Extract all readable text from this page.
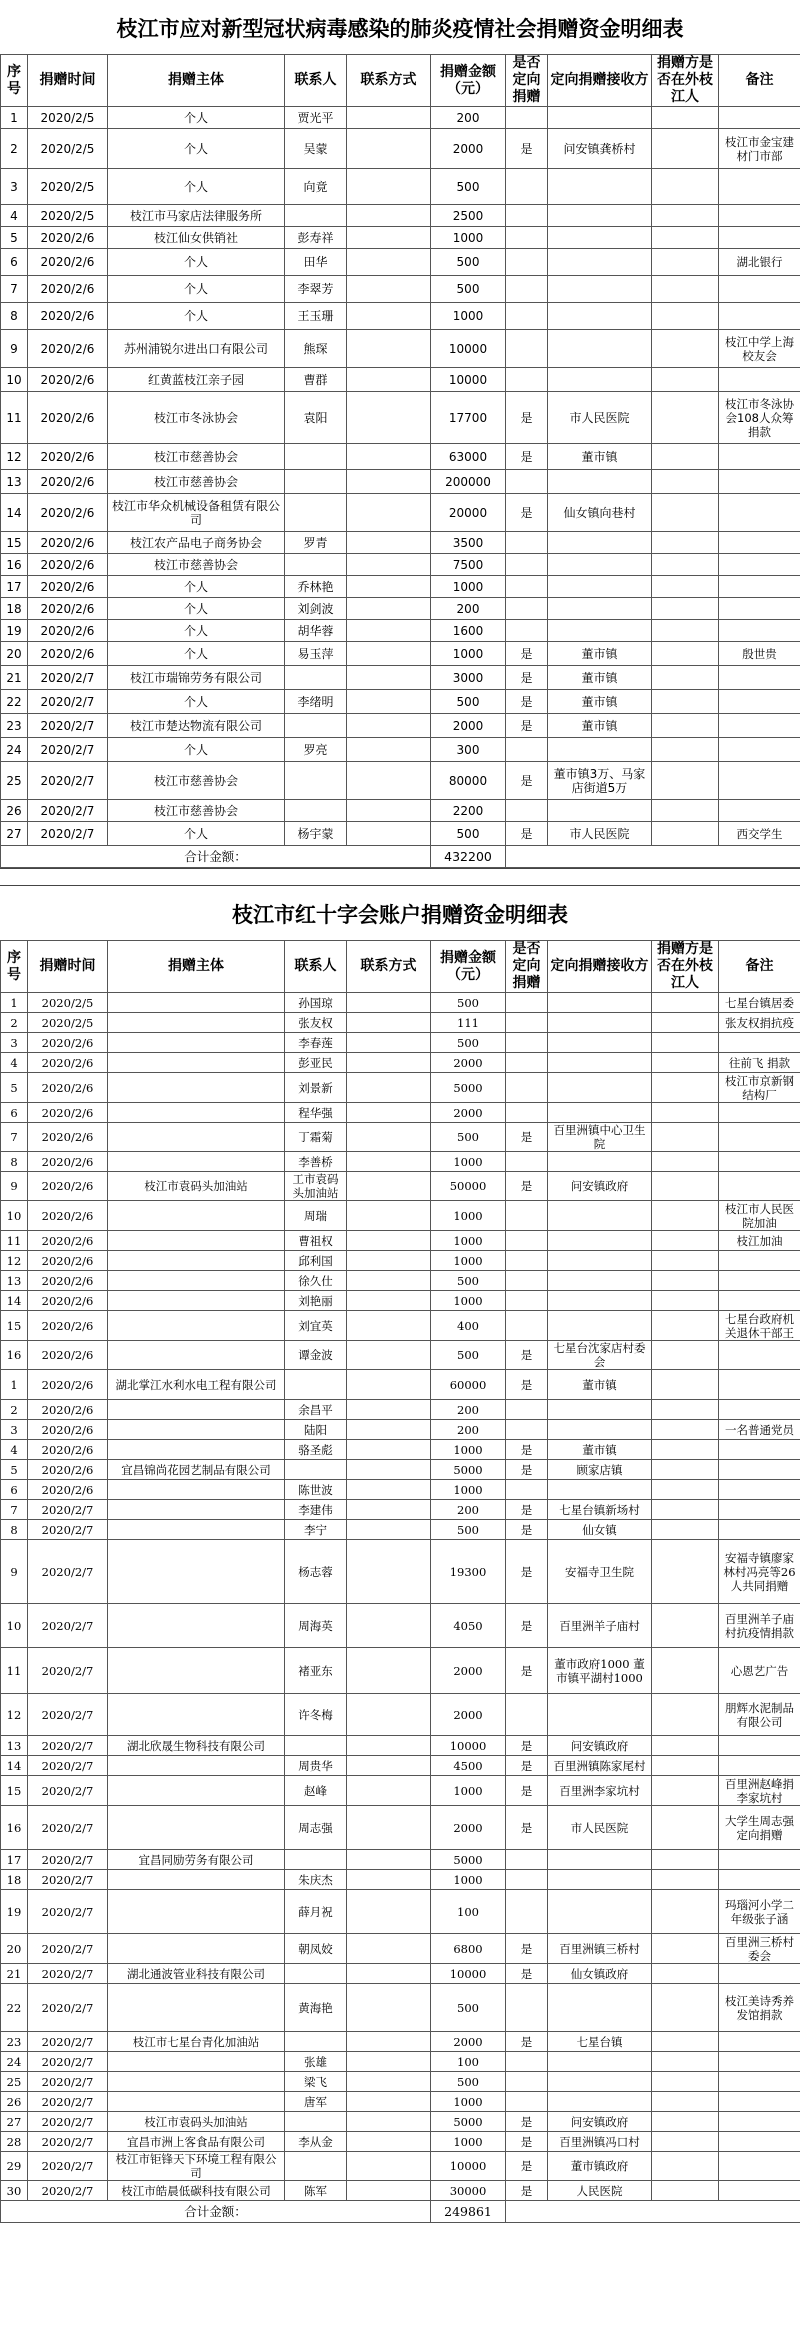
枝江市应对新型冠状病毒感染的肺炎疫情社会捐赠资金明细表
序号	捐赠时间	捐赠主体	联系人	联系方式	捐赠金额（元）	是否定向捐赠	定向捐赠接收方	捐赠方是否在外枝江人	备注
1	2020/2/5	个人	贾光平		200				
2	2020/2/5	个人	吴蒙		2000	是	问安镇龚桥村		枝江市金宝建材门市部
3	2020/2/5	个人	向竟		500				
4	2020/2/5	枝江市马家店法律服务所			2500				
5	2020/2/6	枝江仙女供销社	彭寿祥		1000				
6	2020/2/6	个人	田华		500				湖北银行
7	2020/2/6	个人	李翠芳		500				
8	2020/2/6	个人	王玉珊		1000				
9	2020/2/6	苏州浦锐尔进出口有限公司	熊琛		10000				枝江中学上海校友会
10	2020/2/6	红黄蓝枝江亲子园	曹群		10000				
11	2020/2/6	枝江市冬泳协会	袁阳		17700	是	市人民医院		枝江市冬泳协会108人众筹捐款
12	2020/2/6	枝江市慈善协会			63000	是	董市镇		
13	2020/2/6	枝江市慈善协会			200000				
14	2020/2/6	枝江市华众机械设备租赁有限公司			20000	是	仙女镇向巷村		
15	2020/2/6	枝江农产品电子商务协会	罗青		3500				
16	2020/2/6	枝江市慈善协会			7500				
17	2020/2/6	个人	乔林艳		1000				
18	2020/2/6	个人	刘剑波		200				
19	2020/2/6	个人	胡华蓉		1600				
20	2020/2/6	个人	易玉萍		1000	是	董市镇		殷世贵
21	2020/2/7	枝江市瑞锦劳务有限公司			3000	是	董市镇		
22	2020/2/7	个人	李绪明		500	是	董市镇		
23	2020/2/7	枝江市楚达物流有限公司			2000	是	董市镇		
24	2020/2/7	个人	罗亮		300				
25	2020/2/7	枝江市慈善协会			80000	是	董市镇3万、马家店街道5万		
26	2020/2/7	枝江市慈善协会			2200				
27	2020/2/7	个人	杨宇蒙		500	是	市人民医院		西交学生
合计金额：					432200				
枝江市红十字会账户捐赠资金明细表
序号	捐赠时间	捐赠主体	联系人	联系方式	捐赠金额（元）	是否定向捐赠	定向捐赠接收方	捐赠方是否在外枝江人	备注
1	2020/2/5		孙国琼		500				七星台镇居委
2	2020/2/5		张友权		111				张友权捐抗疫
3	2020/2/6		李春莲		500				
4	2020/2/6		彭亚民		2000				往前飞 捐款
5	2020/2/6		刘景新		5000				枝江市京新钢结构厂
6	2020/2/6		程华强		2000				
7	2020/2/6		丁霜菊		500	是	百里洲镇中心卫生院		
8	2020/2/6		李善桥		1000				
9	2020/2/6	枝江市袁码头加油站	工市袁码头加油站		50000	是	问安镇政府		
10	2020/2/6		周瑞		1000				枝江市人民医院加油
11	2020/2/6		曹祖权		1000				枝江加油
12	2020/2/6		邱利国		1000				
13	2020/2/6		徐久仕		500				
14	2020/2/6		刘艳丽		1000				
15	2020/2/6		刘宜英		400				七星台政府机关退休干部王
16	2020/2/6		谭金波		500	是	七星台沈家店村委会		
1	2020/2/6	湖北掌江水利水电工程有限公司			60000	是	董市镇		
2	2020/2/6		余昌平		200				
3	2020/2/6		陆阳		200				一名普通党员
4	2020/2/6		骆圣彪		1000	是	董市镇		
5	2020/2/6	宜昌锦尚花园艺制品有限公司			5000	是	顾家店镇		
6	2020/2/6		陈世波		1000				
7	2020/2/7		李建伟		200	是	七星台镇新场村		
8	2020/2/7		李宁		500	是	仙女镇		
9	2020/2/7		杨志蓉		19300	是	安福寺卫生院		安福寺镇廖家林村冯亮等26人共同捐赠
10	2020/2/7		周海英		4050	是	百里洲羊子庙村		百里洲羊子庙村抗疫情捐款
11	2020/2/7		褚亚东		2000	是	董市政府1000 董市镇平湖村1000		心恩艺广告
12	2020/2/7		许冬梅		2000				朋辉水泥制品有限公司
13	2020/2/7	湖北欣晟生物科技有限公司			10000	是	问安镇政府		
14	2020/2/7		周贵华		4500	是	百里洲镇陈家尾村		
15	2020/2/7		赵峰		1000	是	百里洲李家坑村		百里洲赵峰捐李家坑村
16	2020/2/7		周志强		2000	是	市人民医院		大学生周志强定向捐赠
17	2020/2/7	宜昌同励劳务有限公司			5000				
18	2020/2/7		朱庆杰		1000				
19	2020/2/7		薛月祝		100				玛瑙河小学二年级张子涵
20	2020/2/7		朝凤姣		6800	是	百里洲镇三桥村		百里洲三桥村委会
21	2020/2/7	湖北通波管业科技有限公司			10000	是	仙女镇政府		
22	2020/2/7		黄海艳		500				枝江美诗秀养发馆捐款
23	2020/2/7	枝江市七星台青化加油站			2000	是	七星台镇		
24	2020/2/7		张雄		100				
25	2020/2/7		梁飞		500				
26	2020/2/7		唐军		1000				
27	2020/2/7	枝江市袁码头加油站			5000	是	问安镇政府		
28	2020/2/7	宜昌市洲上客食品有限公司	李从金		1000	是	百里洲镇冯口村		
29	2020/2/7	枝江市钜锋天下环境工程有限公司			10000	是	董市镇政府		
30	2020/2/7	枝江市皓晨低碳科技有限公司	陈军		30000	是	人民医院		
合计金额：					249861				
